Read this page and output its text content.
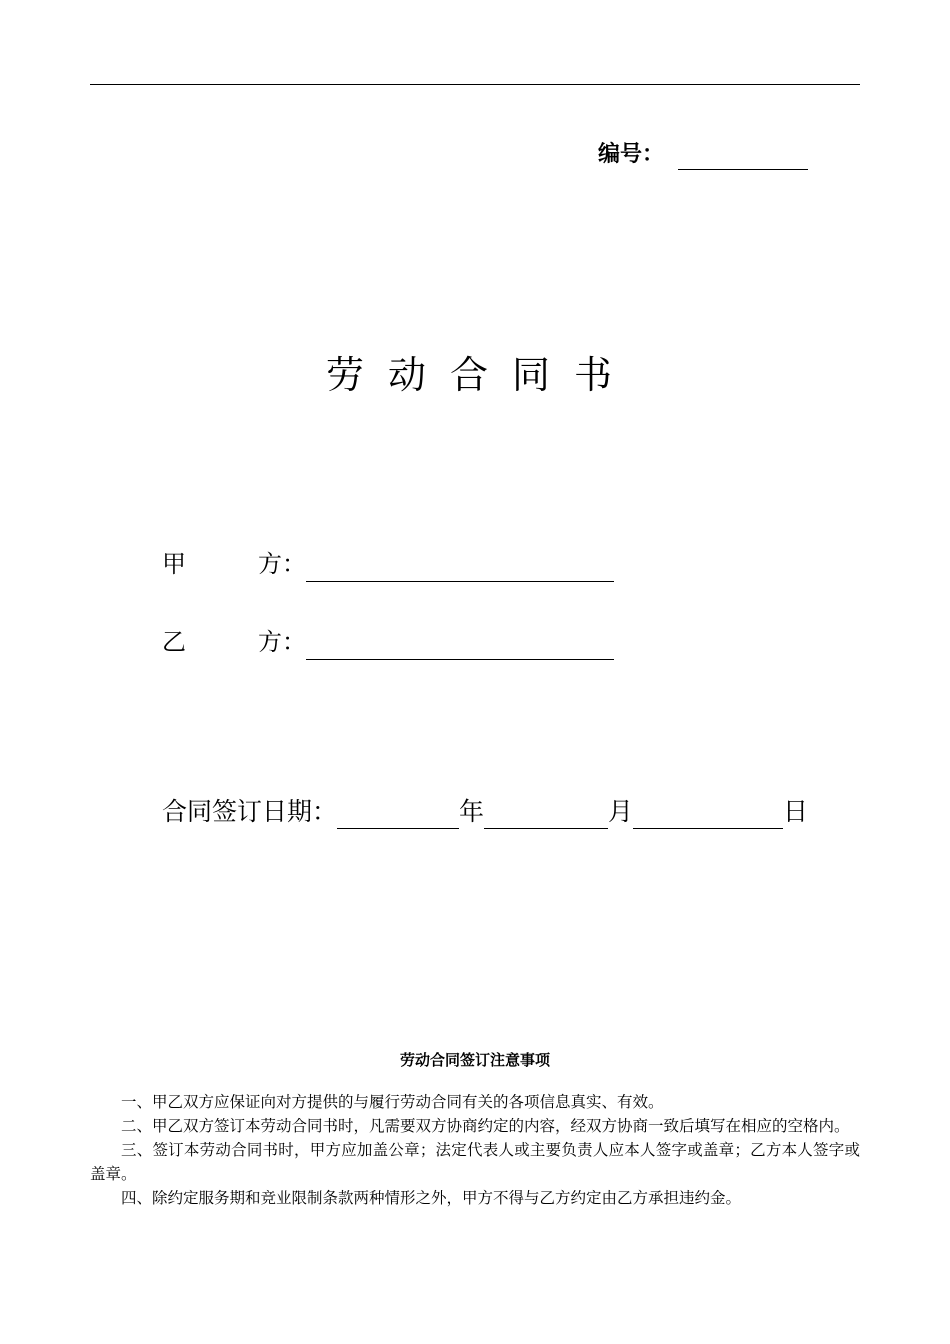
编号：
劳动合同书
甲	方：
乙	方：
合同签订日期：	年	月	日
劳动合同签订注意事项

一、甲乙双方应保证向对方提供的与履行劳动合同有关的各项信息真实、有效。

二、甲乙双方签订本劳动合同书时，凡需要双方协商约定的内容，经双方协商一致后填写在相应的空格内。

三、签订本劳动合同书时，甲方应加盖公章；法定代表人或主要负责人应本人签字或盖章；乙方本人签字或盖章。

四、除约定服务期和竞业限制条款两种情形之外，甲方不得与乙方约定由乙方承担违约金。
